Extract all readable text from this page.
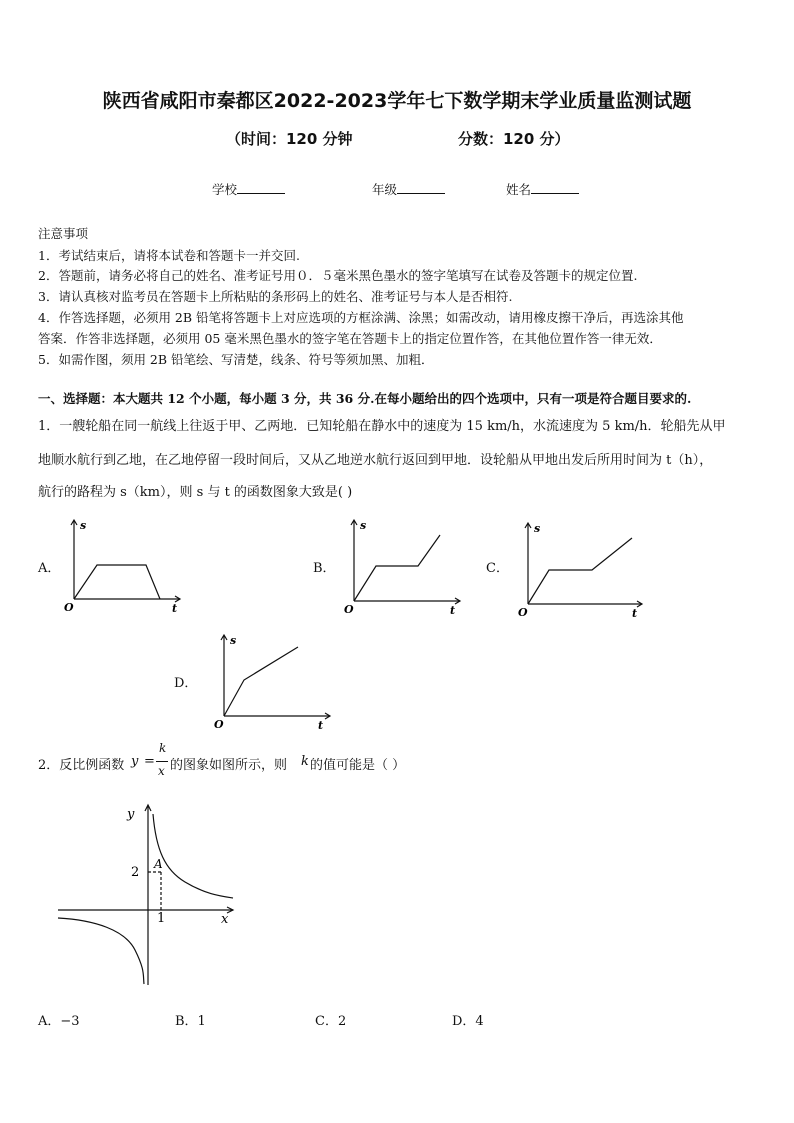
陕西省咸阳市秦都区2022-2023学年七下数学期末学业质量监测试题
（时间：120 分钟	分数：120 分）
学校	年级	姓名
注意事项
1．考试结束后，请将本试卷和答题卡一并交回.
2．答题前，请务必将自己的姓名、准考证号用０．５毫米黑色墨水的签字笔填写在试卷及答题卡的规定位置.
3．请认真核对监考员在答题卡上所粘贴的条形码上的姓名、准考证号与本人是否相符.
4．作答选择题，必须用 2B 铅笔将答题卡上对应选项的方框涂满、涂黑；如需改动，请用橡皮擦干净后，再选涂其他
答案．作答非选择题，必须用 05 毫米黑色墨水的签字笔在答题卡上的指定位置作答，在其他位置作答一律无效．
5．如需作图，须用 2B 铅笔绘、写清楚，线条、符号等须加黑、加粗．
一、选择题：本大题共 12 个小题，每小题 3 分，共 36 分.在每小题给出的四个选项中，只有一项是符合题目要求的.
1．一艘轮船在同一航线上往返于甲、乙两地．已知轮船在静水中的速度为 15 km/h，水流速度为 5 km/h．轮船先从甲
地顺水航行到乙地，在乙地停留一段时间后，又从乙地逆水航行返回到甲地．设轮船从甲地出发后所用时间为 t（h），
航行的路程为 s（km），则 s 与 t 的函数图象大致是( )
A．
s
t
O
B．
s
t
O
C．
s
t
O
D．
s
t
O
2．反比例函数 y =
k
x 的图象如图所示，则 k 的值可能是（ ）
y
x
A
2
1
A．−3	B．1	C．2	D．4
